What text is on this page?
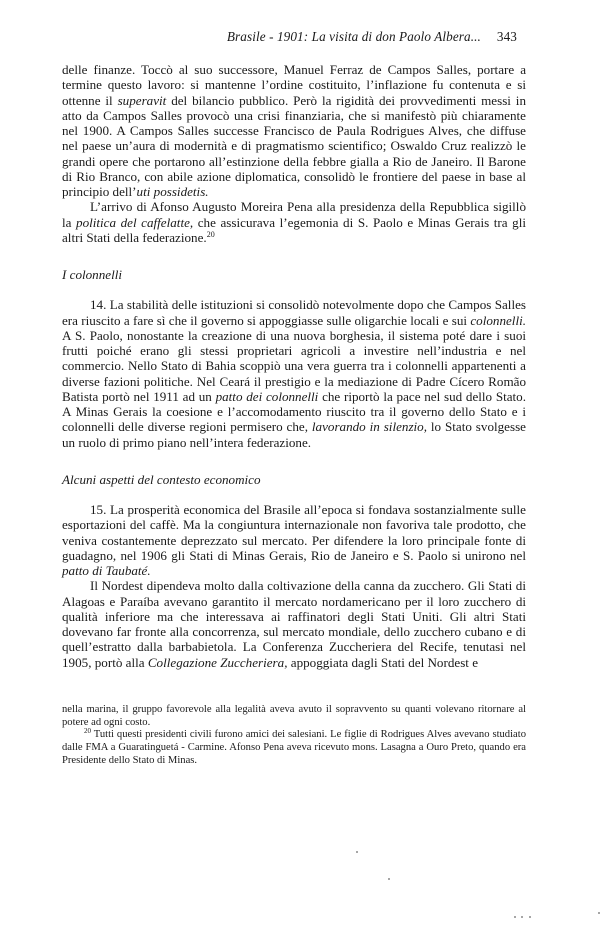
Brasile - 1901: La visita di don Paolo Albera... 343

delle finanze. Toccò al suo successore, Manuel Ferraz de Campos Salles, portare a termine questo lavoro: si mantenne l’ordine costituito, l’inflazione fu contenuta e si ottenne il superavit del bilancio pubblico. Però la rigidità dei provvedimenti messi in atto da Campos Salles provocò una crisi finanziaria, che si manifestò più chiaramente nel 1900. A Campos Salles successe Francisco de Paula Rodrigues Alves, che diffuse nel paese un’aura di modernità e di pragmatismo scientifico; Oswaldo Cruz realizzò le grandi opere che portarono all’estinzione della febbre gialla a Rio de Janeiro. Il Barone di Rio Branco, con abile azione diplomatica, consolidò le frontiere del paese in base al principio dell’uti possidetis.

L’arrivo di Afonso Augusto Moreira Pena alla presidenza della Repubblica sigillò la politica del caffelatte, che assicurava l’egemonia di S. Paolo e Minas Gerais tra gli altri Stati della federazione.$^{20}$

I colonnelli

14. La stabilità delle istituzioni si consolidò notevolmente dopo che Campos Salles era riuscito a fare sì che il governo si appoggiasse sulle oligarchie locali e sui colonnelli. A S. Paolo, nonostante la creazione di una nuova borghesia, il sistema poté dare i suoi frutti poiché erano gli stessi proprietari agricoli a investire nell’industria e nel commercio. Nello Stato di Bahia scoppiò una vera guerra tra i colonnelli appartenenti a diverse fazioni politiche. Nel Ceará il prestigio e la mediazione di Padre Cícero Romão Batista portò nel 1911 ad un patto dei colonnelli che riportò la pace nel sud dello Stato. A Minas Gerais la coesione e l’accomodamento riuscito tra il governo dello Stato e i colonnelli delle diverse regioni permisero che, lavorando in silenzio, lo Stato svolgesse un ruolo di primo piano nell’intera federazione.

Alcuni aspetti del contesto economico

15. La prosperità economica del Brasile all’epoca si fondava sostanzialmente sulle esportazioni del caffè. Ma la congiuntura internazionale non favoriva tale prodotto, che veniva costantemente deprezzato sul mercato. Per difendere la loro principale fonte di guadagno, nel 1906 gli Stati di Minas Gerais, Rio de Janeiro e S. Paolo si unirono nel patto di Taubaté.

Il Nordest dipendeva molto dalla coltivazione della canna da zucchero. Gli Stati di Alagoas e Paraíba avevano garantito il mercato nordamericano per il loro zucchero di qualità inferiore ma che interessava ai raffinatori degli Stati Uniti. Gli altri Stati dovevano far fronte alla concorrenza, sul mercato mondiale, dello zucchero cubano e di quell’estratto dalla barbabietola. La Conferenza Zuccheriera del Recife, tenutasi nel 1905, portò alla Collegazione Zuccheriera, appoggiata dagli Stati del Nordest e

nella marina, il gruppo favorevole alla legalità aveva avuto il sopravvento su quanti volevano ritornare al potere ad ogni costo.

$^{20}$ Tutti questi presidenti civili furono amici dei salesiani. Le figlie di Rodrigues Alves avevano studiato dalle FMA a Guaratinguetá - Carmine. Afonso Pena aveva ricevuto mons. Lasagna a Ouro Preto, quando era Presidente dello Stato di Minas.
